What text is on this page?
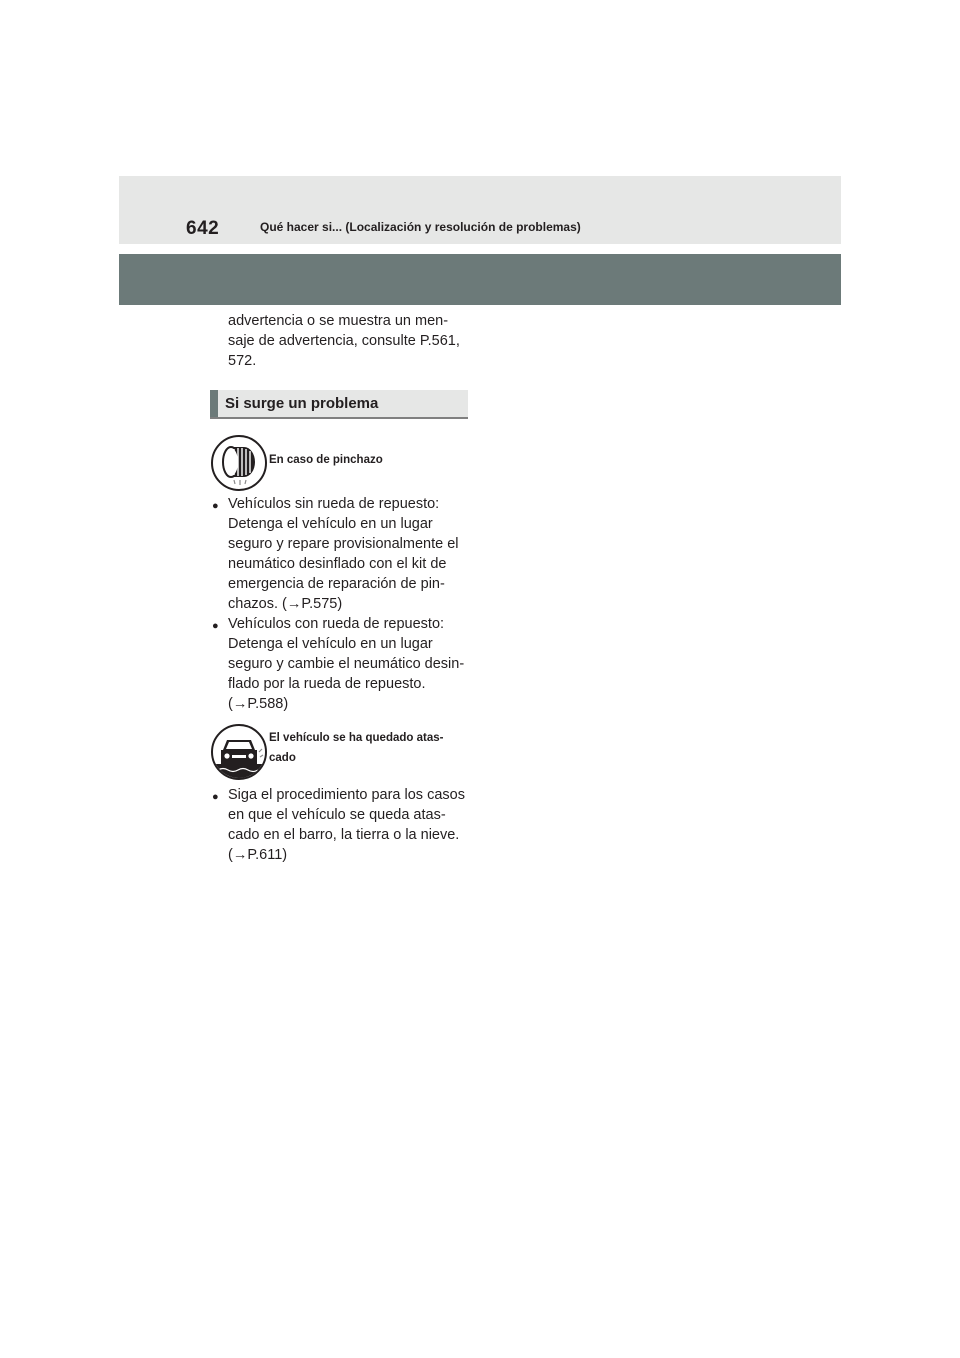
642	Qué hacer si... (Localización y resolución de problemas)
advertencia o se muestra un men-
saje de advertencia, consulte P.561,
572.
Si surge un problema
En caso de pinchazo
● Vehículos sin rueda de repuesto:
Detenga el vehículo en un lugar
seguro y repare provisionalmente el
neumático desinflado con el kit de
emergencia de reparación de pin-
chazos. (→P.575)
● Vehículos con rueda de repuesto:
Detenga el vehículo en un lugar
seguro y cambie el neumático desin-
flado por la rueda de repuesto.
(→P.588)
El vehículo se ha quedado atas-
cado
● Siga el procedimiento para los casos
en que el vehículo se queda atas-
cado en el barro, la tierra o la nieve.
(→P.611)
